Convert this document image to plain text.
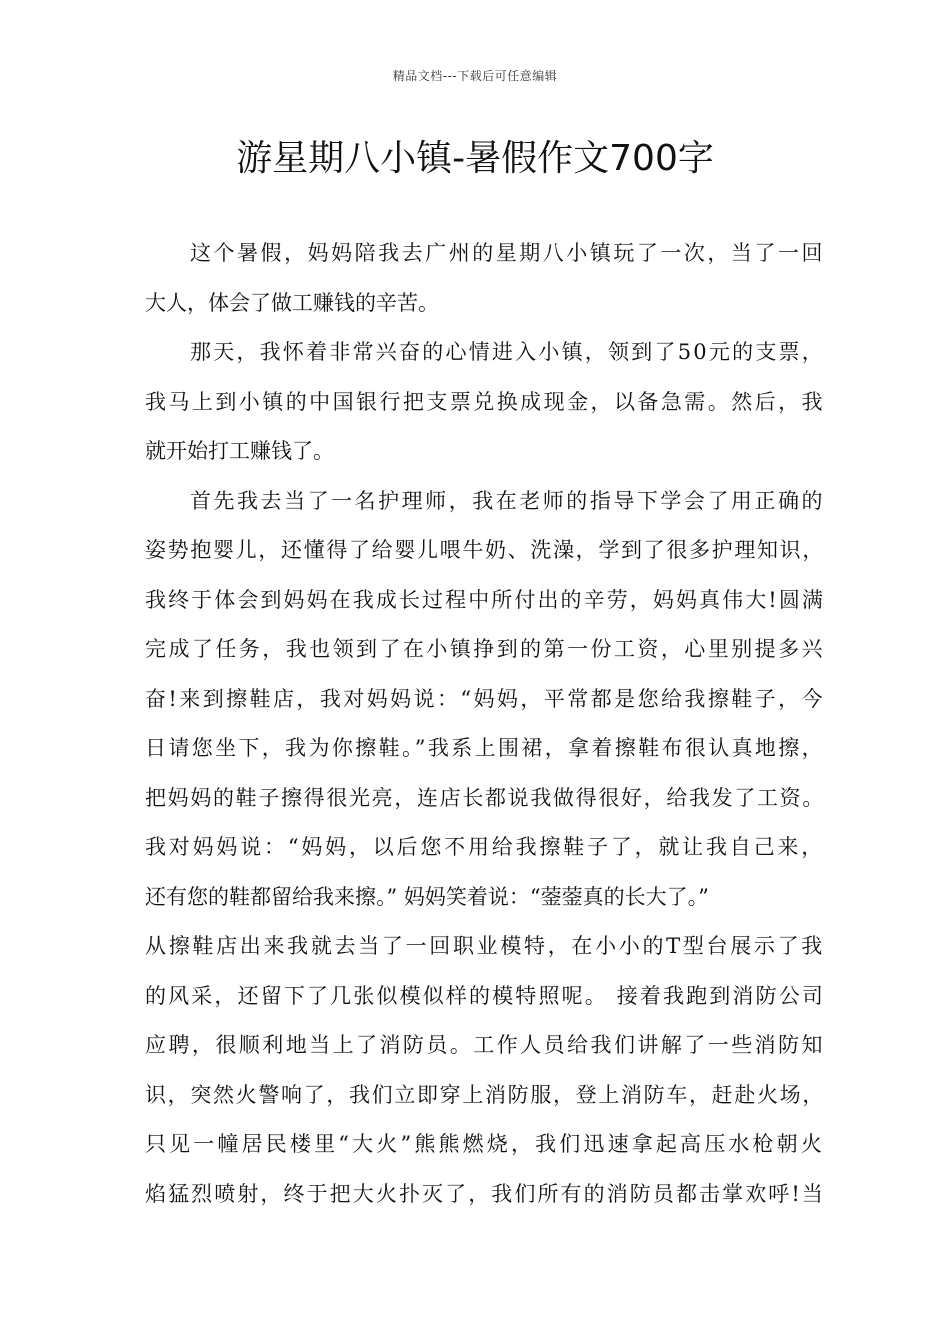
精品文档---下载后可任意编辑
游星期八小镇-暑假作文700字
这个暑假，妈妈陪我去广州的星期八小镇玩了一次，当了一回
大人，体会了做工赚钱的辛苦。
那天，我怀着非常兴奋的心情进入小镇，领到了50元的支票，
我马上到小镇的中国银行把支票兑换成现金，以备急需。然后，我
就开始打工赚钱了。
首先我去当了一名护理师，我在老师的指导下学会了用正确的
姿势抱婴儿，还懂得了给婴儿喂牛奶、洗澡，学到了很多护理知识，
我终于体会到妈妈在我成长过程中所付出的辛劳，妈妈真伟大!圆满
完成了任务，我也领到了在小镇挣到的第一份工资，心里别提多兴
奋!来到擦鞋店，我对妈妈说：“妈妈，平常都是您给我擦鞋子，今
日请您坐下，我为你擦鞋。”我系上围裙，拿着擦鞋布很认真地擦，
把妈妈的鞋子擦得很光亮，连店长都说我做得很好，给我发了工资。
我对妈妈说：“妈妈，以后您不用给我擦鞋子了，就让我自己来，
还有您的鞋都留给我来擦。” 妈妈笑着说：“蓥蓥真的长大了。”
从擦鞋店出来我就去当了一回职业模特，在小小的T型台展示了我
的风采，还留下了几张似模似样的模特照呢。 接着我跑到消防公司
应聘，很顺利地当上了消防员。工作人员给我们讲解了一些消防知
识，突然火警响了，我们立即穿上消防服，登上消防车，赶赴火场，
只见一幢居民楼里“大火”熊熊燃烧，我们迅速拿起高压水枪朝火
焰猛烈喷射，终于把大火扑灭了，我们所有的消防员都击掌欢呼!当
